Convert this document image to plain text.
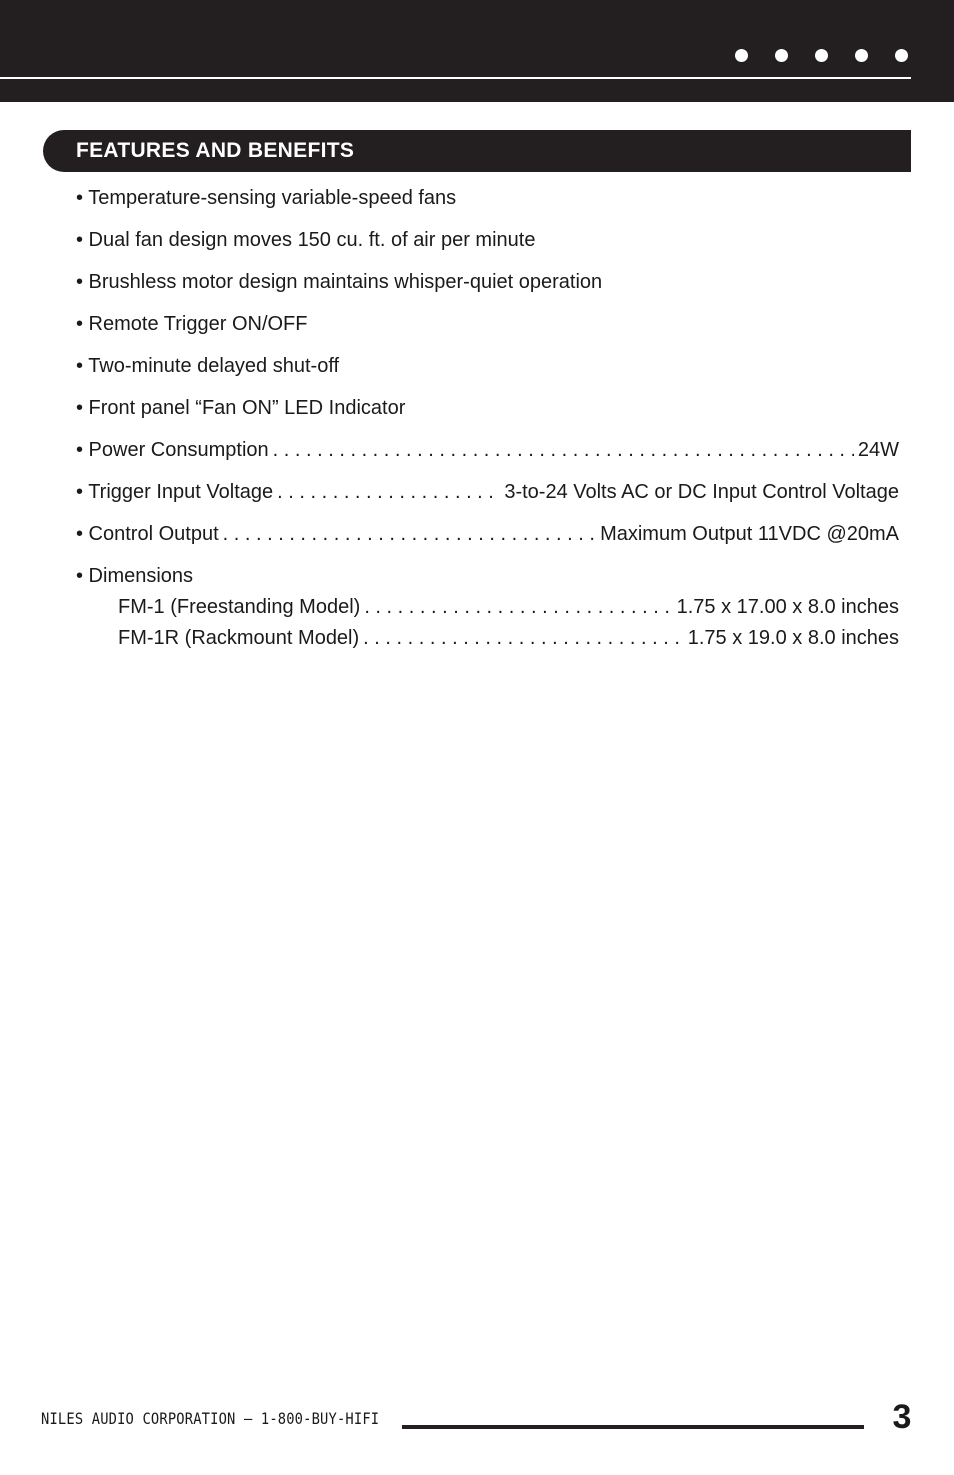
FEATURES AND BENEFITS
• Temperature-sensing variable-speed fans
• Dual fan design moves 150 cu. ft. of air per minute
• Brushless motor design maintains whisper-quiet operation
• Remote Trigger ON/OFF
• Two-minute delayed shut-off
• Front panel “Fan ON” LED Indicator
• Power Consumption . . .	24W
• Trigger Input Voltage . . .	3-to-24 Volts AC or DC Input Control Voltage
• Control Output . . .	Maximum Output 11VDC @20mA
• Dimensions
FM-1 (Freestanding Model) . . .	1.75 x 17.00 x 8.0 inches
FM-1R (Rackmount Model) . . .	1.75 x 19.0 x 8.0 inches
NILES AUDIO CORPORATION – 1-800-BUY-HIFI	3
